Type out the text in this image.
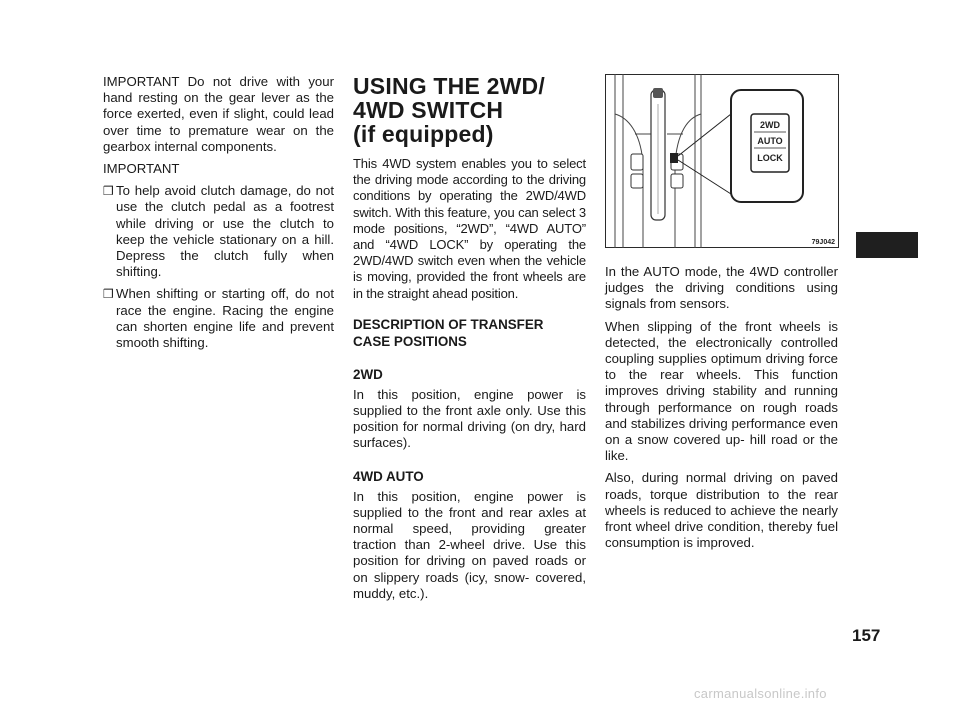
IMPORTANT Do not drive with your hand resting on the gear lever as the force exerted, even if slight, could lead over time to premature wear on the gearbox internal components.

IMPORTANT

❒ To help avoid clutch damage, do not use the clutch pedal as a footrest while driving or use the clutch to keep the vehicle stationary on a hill. Depress the clutch fully when shifting.
❒ When shifting or starting off, do not race the engine. Racing the engine can shorten engine life and prevent smooth shifting.
USING THE 2WD/
4WD SWITCH
(if equipped)

This 4WD system enables you to select the driving mode according to the driving conditions by operating the 2WD/4WD switch. With this feature, you can select 3 mode positions, “2WD”, “4WD AUTO” and “4WD LOCK” by operating the 2WD/4WD switch even when the vehicle is moving, provided the front wheels are in the straight ahead position.

DESCRIPTION OF TRANSFER
CASE POSITIONS
2WD

In this position, engine power is supplied to the front axle only. Use this position for normal driving (on dry, hard surfaces).

4WD AUTO

In this position, engine power is supplied to the front and rear axles at normal speed, providing greater traction than 2-wheel drive. Use this position for driving on paved roads or on slippery roads (icy, snow- covered, muddy, etc.).

2WD
AUTO
LOCK
79J042

In the AUTO mode, the 4WD controller judges the driving conditions using signals from sensors.

When slipping of the front wheels is detected, the electronically controlled coupling supplies optimum driving force to the rear wheels. This function improves driving stability and running through performance on rough roads and stabilizes driving performance even on a snow covered up- hill road or the like.

Also, during normal driving on paved roads, torque distribution to the rear wheels is reduced to achieve the nearly front wheel drive condition, thereby fuel consumption is improved.

157
carmanualsonline.info
